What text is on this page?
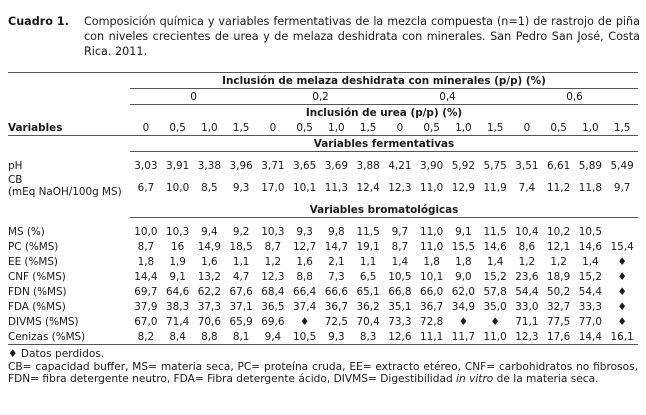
Cuadro 1. Composición química y variables fermentativas de la mezcla compuesta (n=1) de rastrojo de piña con niveles crecientes de urea y de melaza deshidrata con minerales. San Pedro San José, Costa Rica. 2011.
	Inclusión de melaza deshidrata con minerales (p/p) (%)															
	0				0,2				0,4				0,6			
	Inclusión de urea (p/p) (%)															
Variables	0	0,5	1,0	1,5	0	0,5	1,0	1,5	0	0,5	1,0	1,5	0	0,5	1,0	1,5
	Variables fermentativas															

pH	3,03	3,91	3,38	3,96	3,71	3,65	3,69	3,88	4,21	3,90	5,92	5,75	3,51	6,61	5,89	5,49
CB
(mEq NaOH/100g MS)	6,7	10,0	8,5	9,3	17,0	10,1	11,3	12,4	12,3	11,0	12,9	11,9	7,4	11,2	11,8	9,7
	Variables bromatológicas															

MS (%)	10,0	10,3	9,4	9,2	10,3	9,3	9,8	11,5	9,7	11,0	9,1	11,5	10,4	10,2	10,5	
PC (%MS)	8,7	16	14,9	18,5	8,7	12,7	14,7	19,1	8,7	11,0	15,5	14,6	8,6	12,1	14,6	15,4
EE (%MS)	1,8	1,9	1,6	1,1	1,2	1,6	2,1	1,1	1,4	1,8	1,8	1,4	1,2	1,2	1,4	♦
CNF (%MS)	14,4	9,1	13,2	4,7	12,3	8,8	7,3	6,5	10,5	10,1	9,0	15,2	23,6	18,9	15,2	♦
FDN (%MS)	69,7	64,6	62,2	67,6	68,4	66,4	66,6	65,1	66,8	66,0	62,0	57,8	54,4	50,2	54,4	♦
FDA (%MS)	37,9	38,3	37,3	37,1	36,5	37,4	36,7	36,2	35,1	36,7	34,9	35,0	33,0	32,7	33,3	♦
DIVMS (%MS)	67,0	71,4	70,6	65,9	69,6	♦	72,5	70,4	73,3	72,8	♦	♦	71,1	77,5	77,0	♦
Cenizas (%MS)	8,2	8,4	8,8	8,1	9,4	10,5	9,3	8,3	12,6	11,1	11,7	11,0	12,3	17,6	14,4	16,1

♦ Datos perdidos.

CB= capacidad buffer, MS= materia seca, PC= proteína cruda, EE= extracto etéreo, CNF= carbohidratos no fibrosos, FDN= fibra detergente neutro, FDA= Fibra detergente ácido, DIVMS= Digestibilidad in vitro de la materia seca.
